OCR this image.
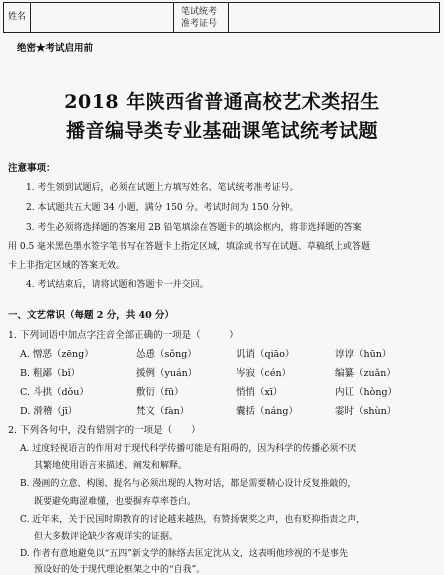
姓名	笔试统考
准考证号
绝密★考试启用前
2018 年陕西省普通高校艺术类招生
播音编导类专业基础课笔试统考试题
注意事项：
1. 考生领到试题后，必须在试题上方填写姓名、笔试统考准考证号。
2. 本试题共五大题 34 小题，满分 150 分。考试时间为 150 分钟。
3. 考生必须将选择题的答案用 2B 铅笔填涂在答题卡的填涂框内，将非选择题的答案
用 0.5 毫米黑色墨水签字笔书写在答题卡上指定区域，填涂或书写在试题、草稿纸上或答题
卡上非指定区域的答案无效。
4. 考试结束后，请将试题和答题卡一并交回。
一、文艺常识（每题 2 分，共 40 分）
1. 下列词语中加点字注音全部正确的一项是（　　　）
A. 憎恶（zēng）	怂恿（sǒng）	讥诮（qiāo）	谆谆（hūn）
B. 粗鄙（bǐ）	援例（yuán）	岑寂（cén）	编纂（zuǎn）
C. 斗拱（dǒu）	敷衍（fū）	悄悄（xī）	内讧（hòng）
D. 滑稽（jī）	梵文（fàn）	囊括（náng）	霎时（shùn）
2. 下列各句中，没有错别字的一项是（　　）
A. 过度轻视语言的作用对于现代科学传播可能是有阻碍的，因为科学的传播必须不厌
其繁地使用语言来描述、阐发和解释。
B. 漫画的立意、构图、提名与必须出现的人物对话，都是需要精心设计反复推敲的，
既要避免晦涩难懂，也要摒弃草率苍白。
C. 近年来，关于民国时期教育的讨论越来越热，有赞扬褒奖之声，也有贬抑指责之声，
但大多数评论缺少客观详实的证据。
D. 作者有意地避免以“五四”新文学的脉络去匡定沈从文，这表明他珍视的不是事先
预设好的处于现代理论框架之中的“自我”。
